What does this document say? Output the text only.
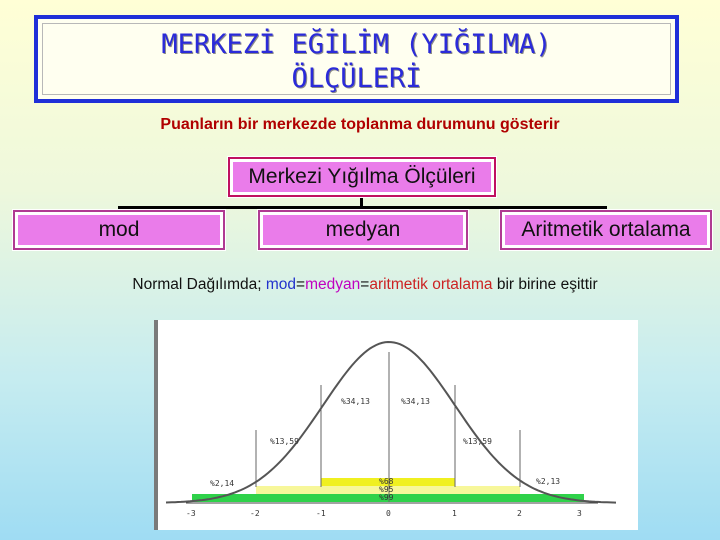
MERKEZİ EĞİLİM (YIĞILMA)
ÖLÇÜLERİ
Puanların bir merkezde toplanma durumunu gösterir
Merkezi Yığılma Ölçüleri
mod	medyan	Aritmetik ortalama
Normal Dağılımda; mod=medyan=aritmetik ortalama bir birine eşittir
%34,13	%34,13
%13,59	%13,59
%2,14	%2,13
%68
%95
%99
-3	-2	-1	0	1	2	3
